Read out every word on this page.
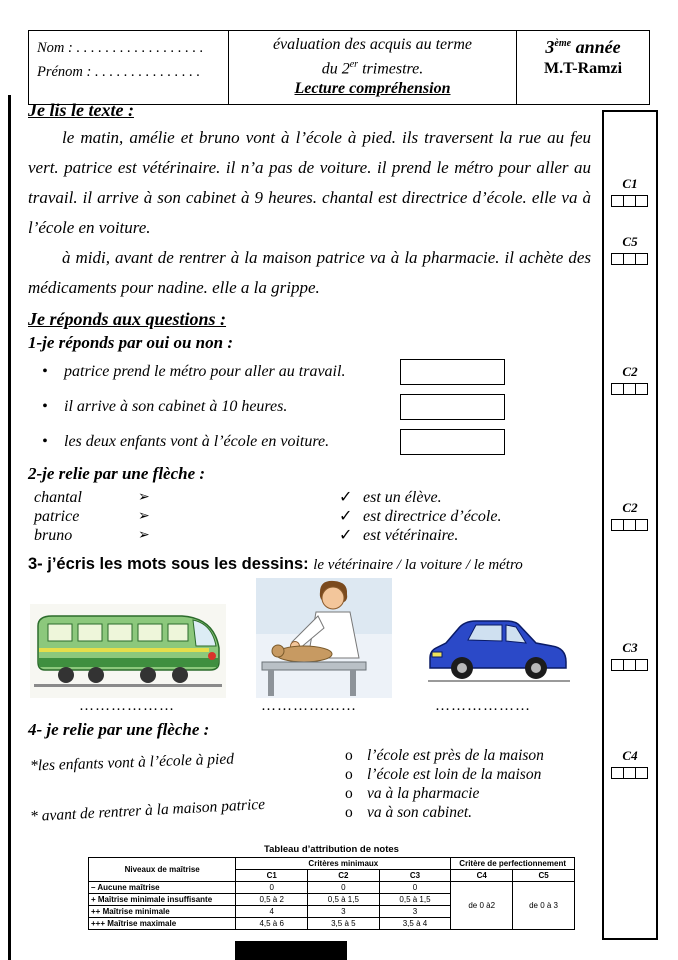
Nom : . . . . . . . . . . . . . . . . . .
Prénom : . . . . . . . . . . . . . . .
évaluation des acquis au terme
du 2er trimestre.
Lecture compréhension
3ème année
M.T-Ramzi
Je lis le texte :

le matin, amélie et bruno vont à l’école à pied. ils traversent la rue au feu vert. patrice est vétérinaire. il n’a pas de voiture. il prend le métro pour aller au travail. il arrive à son cabinet à 9 heures. chantal est directrice d’école. elle va à l’école en voiture.

à midi, avant de rentrer à la maison patrice va à la pharmacie. il achète des médicaments pour nadine. elle a la grippe.

Je réponds aux questions :
1-je réponds par oui ou non :
• patrice prend le métro pour aller au travail.
• il arrive à son cabinet à 10 heures.
• les deux enfants vont à l’école en voiture.
2-je relie par une flèche :
chantal	➢	✓ est un élève.
patrice	➢	✓ est directrice d’école.
bruno	➢	✓ est vétérinaire.
3- j’écris les mots sous les dessins: le vétérinaire / la voiture / le métro
………………	………………	………………
4- je relie par une flèche :
*les enfants vont à l’école à pied
* avant de rentrer à la maison patrice
o l’école est près de la maison
o l’école est loin de la maison
o va à la pharmacie
o va à son cabinet.
Tableau d’attribution de notes
Niveaux de maîtrise	Critères minimaux			Critère de perfectionnement	
	C1	C2	C3	C4	C5
– Aucune maîtrise	0	0	0	de 0 à2	de 0 à 3
+ Maîtrise minimale insuffisante	0,5 à 2	0,5 à 1,5	0,5 à 1,5		
++ Maîtrise minimale	4	3	3		
+++ Maîtrise maximale	4,5 à 6	3,5 à 5	3,5 à 4		
C1
C5
C2
C2
C3
C4
